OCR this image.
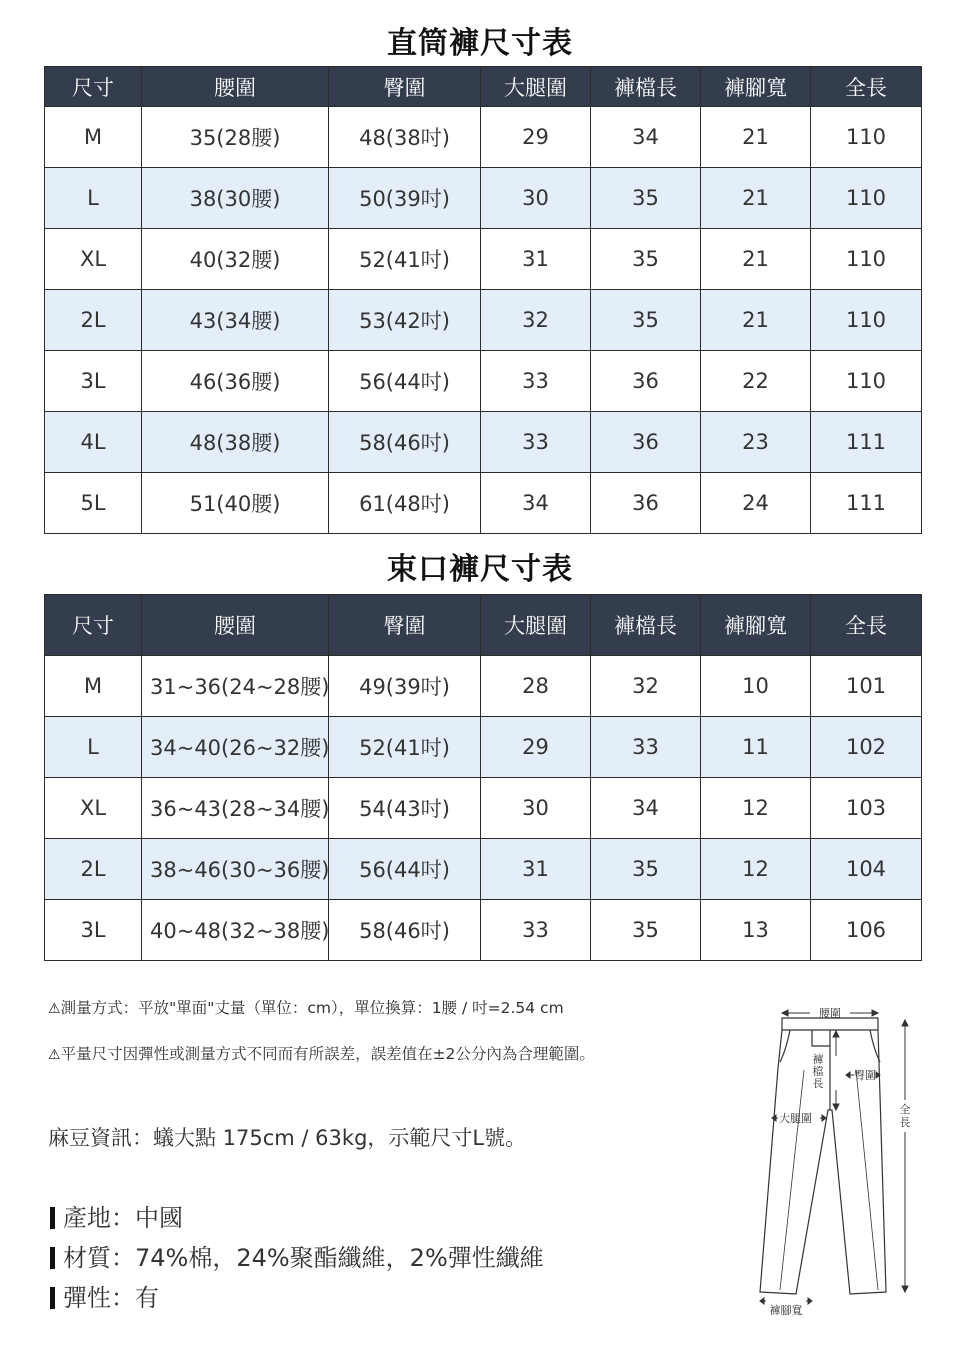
直筒褲尺寸表
尺寸	腰圍	臀圍	大腿圍	褲檔長	褲腳寬	全長
M	35(28腰)	48(38吋)	29	34	21	110
L	38(30腰)	50(39吋)	30	35	21	110
XL	40(32腰)	52(41吋)	31	35	21	110
2L	43(34腰)	53(42吋)	32	35	21	110
3L	46(36腰)	56(44吋)	33	36	22	110
4L	48(38腰)	58(46吋)	33	36	23	111
5L	51(40腰)	61(48吋)	34	36	24	111
束口褲尺寸表
尺寸	腰圍	臀圍	大腿圍	褲檔長	褲腳寬	全長
M	31~36(24~28腰)	49(39吋)	28	32	10	101
L	34~40(26~32腰)	52(41吋)	29	33	11	102
XL	36~43(28~34腰)	54(43吋)	30	34	12	103
2L	38~46(30~36腰)	56(44吋)	31	35	12	104
3L	40~48(32~38腰)	58(46吋)	33	35	13	106
⚠測量方式：平放"單面"丈量（單位：cm），單位換算：1腰 / 吋=2.54 cm
⚠平量尺寸因彈性或測量方式不同而有所誤差，誤差值在±2公分內為合理範圍。
麻豆資訊：蟻大點 175cm / 63kg，示範尺寸L號。
產地：中國
材質：74%棉，24%聚酯纖維，2%彈性纖維
彈性：有
腰圍
褲
檔
長
臀圍
大腿圍
全
長
褲腳寬
